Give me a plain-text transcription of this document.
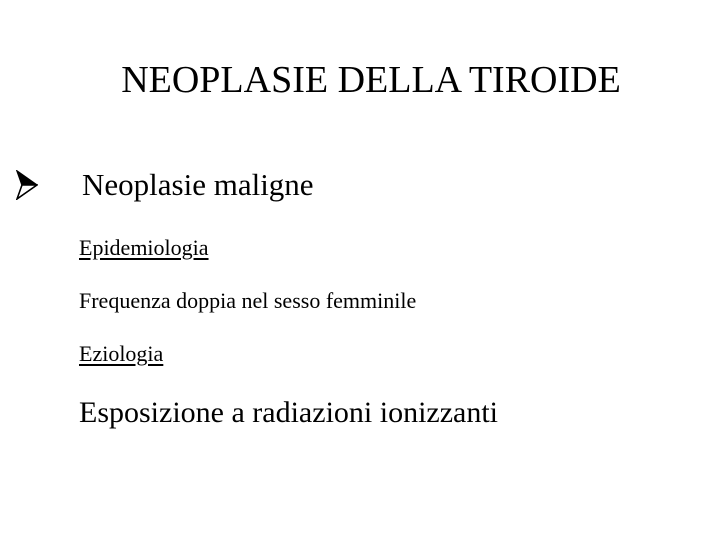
NEOPLASIE DELLA TIROIDE
Neoplasie maligne
Epidemiologia
Frequenza doppia nel sesso femminile
Eziologia
Esposizione a radiazioni ionizzanti
